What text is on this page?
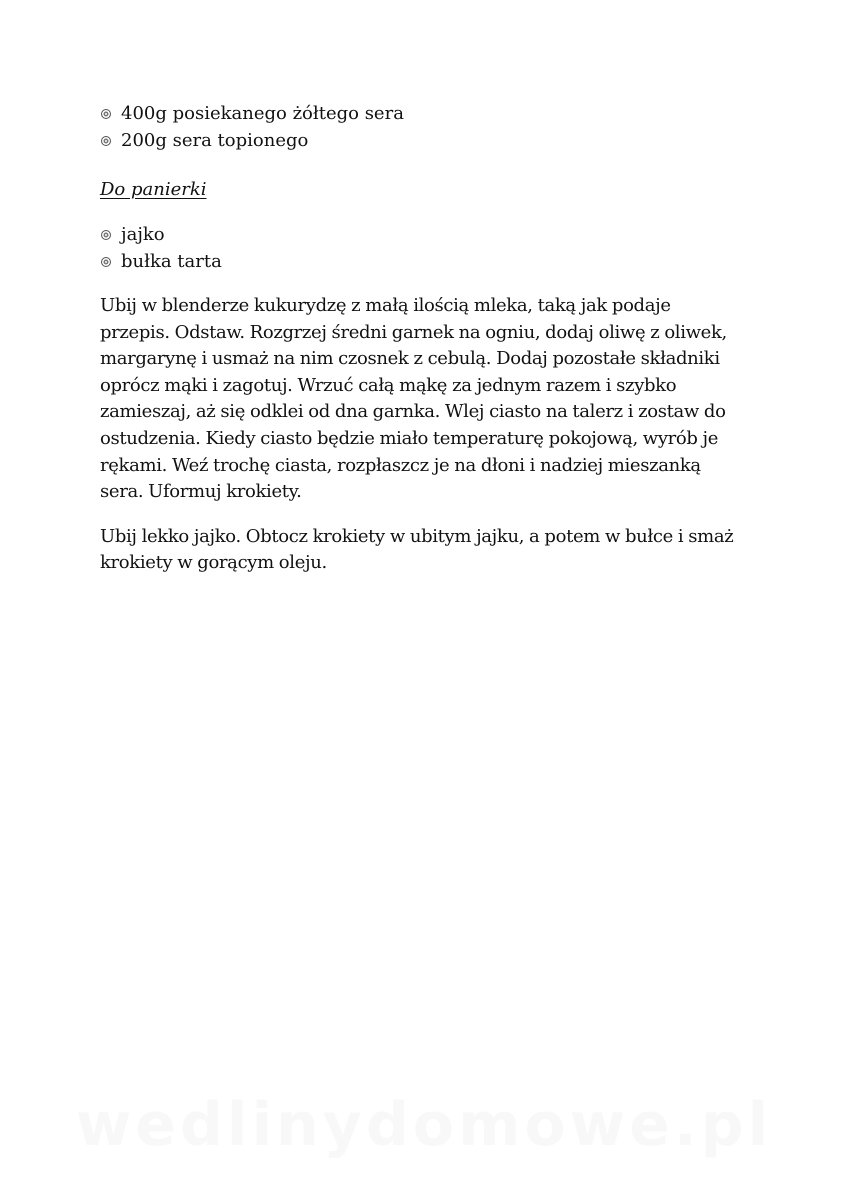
400g posiekanego żółtego sera
200g sera topionego
Do panierki
jajko
bułka tarta

Ubij w blenderze kukurydzę z małą ilością mleka, taką jak podaje
przepis. Odstaw. Rozgrzej średni garnek na ogniu, dodaj oliwę z oliwek,
margarynę i usmaż na nim czosnek z cebulą. Dodaj pozostałe składniki
oprócz mąki i zagotuj. Wrzuć całą mąkę za jednym razem i szybko
zamieszaj, aż się odklei od dna garnka. Wlej ciasto na talerz i zostaw do
ostudzenia. Kiedy ciasto będzie miało temperaturę pokojową, wyrób je
rękami. Weź trochę ciasta, rozpłaszcz je na dłoni i nadziej mieszanką
sera. Uformuj krokiety.

Ubij lekko jajko. Obtocz krokiety w ubitym jajku, a potem w bułce i smaż
krokiety w gorącym oleju.

wedlinydomowe.pl
